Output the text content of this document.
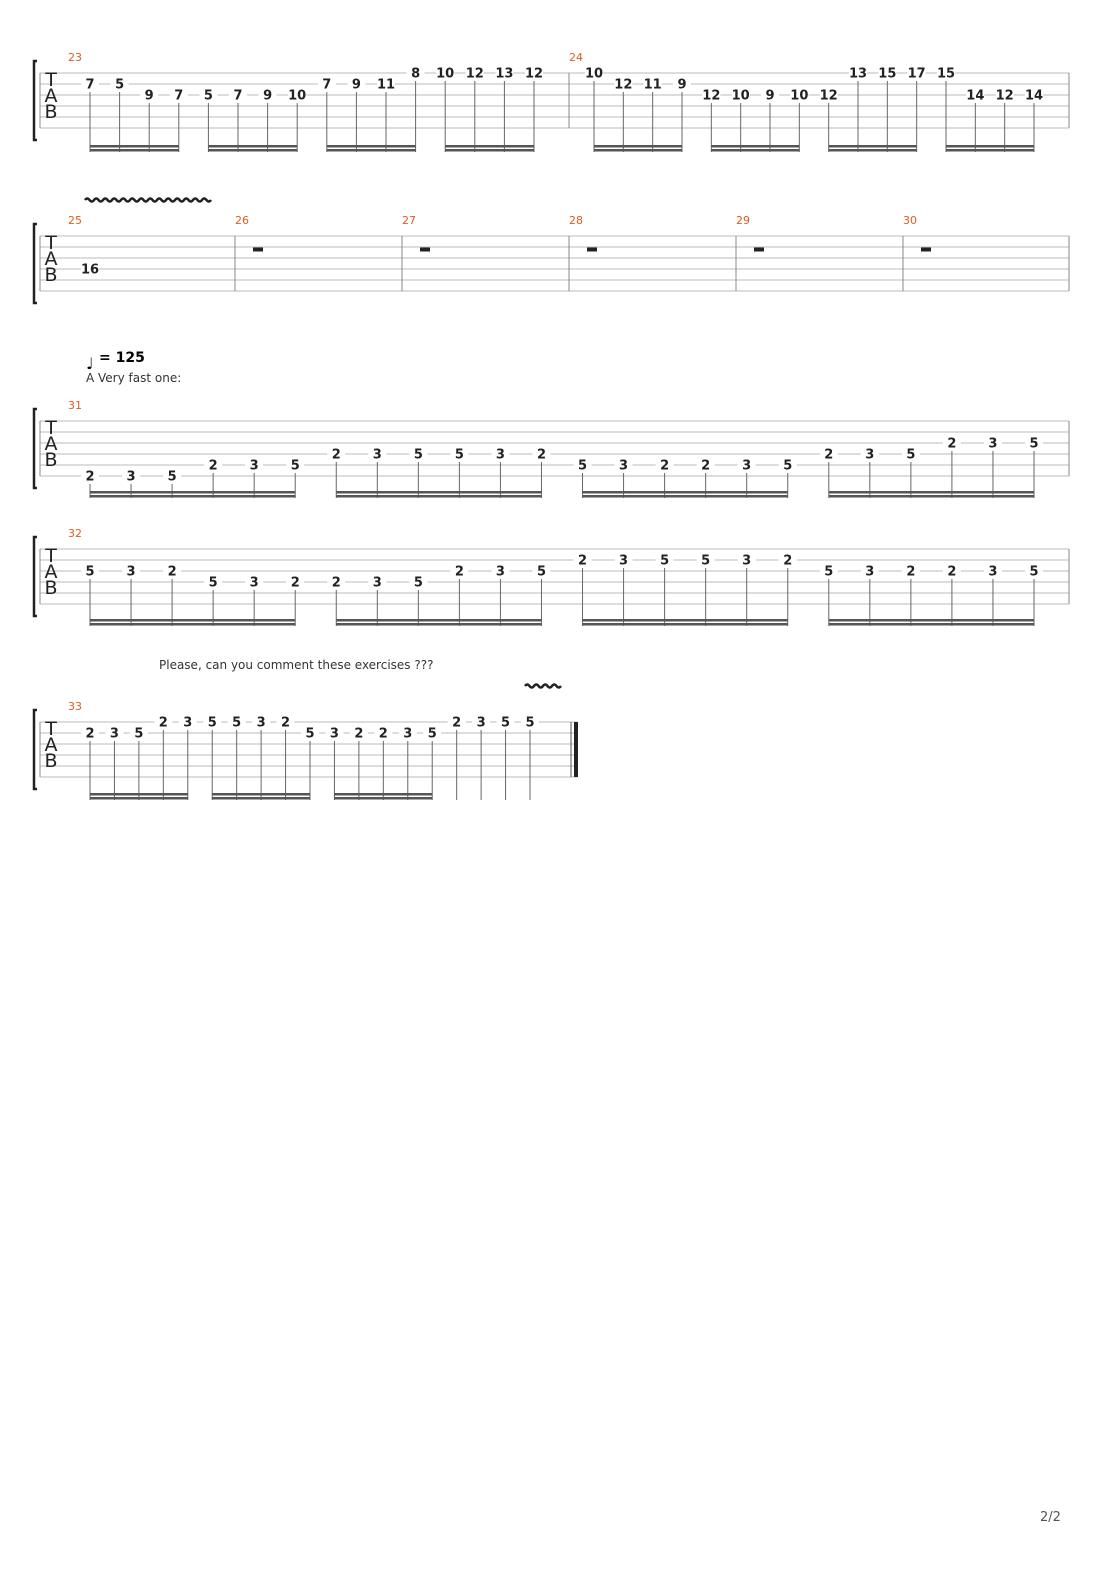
T
A
B
23
7 5
9 7 5 7 9 10
7 9 11
8 10 12 13 12
24
10
12 11 9
12 10 9 10 12
13 15 17 15
14 12 14
T
A
B
25
16
26	27	28	29	30
T
A
B
31
2 3 5
2 3 5
2 3 5 5 3 2
5 3 2 2 3 5
2 3 5
2 3 5
T
A
B
32
5 3 2
5 3 2 2 3 5
2 3 5
2 3 5 5 3 2
5 3 2 2 3 5
T
A
B
33
2 3 5
2 3 5 5 3 2
5 3 2 2 3 5
2 3 5 5
♩ = 125
A Very fast one:
Please, can you comment these exercises ???
2/2
